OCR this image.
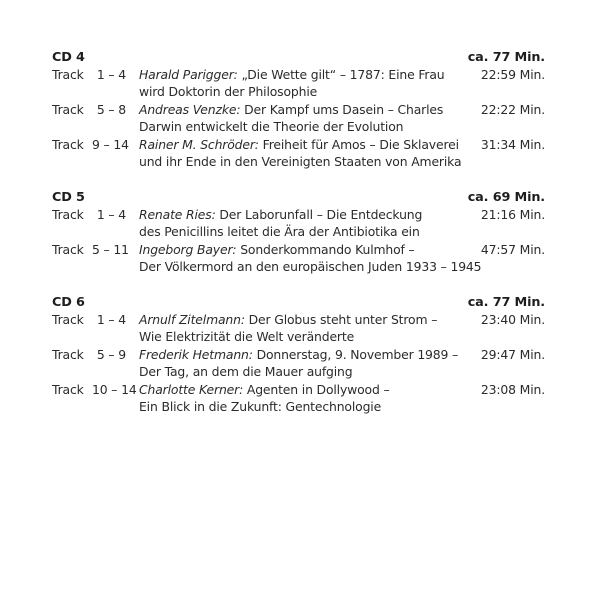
CD 4	ca. 77 Min.
Track	1 – 4 Harald Parigger: „Die Wette gilt“ – 1787: Eine Frau
wird Doktorin der Philosophie
22:59 Min.
Track	5 – 8 Andreas Venzke: Der Kampf ums Dasein – Charles
Darwin entwickelt die Theorie der Evolution
22:22 Min.
Track 9 – 14 Rainer M. Schröder: Freiheit für Amos – Die Sklaverei
und ihr Ende in den Vereinigten Staaten von Amerika
31:34 Min.
CD 5	ca. 69 Min.
Track	1 – 4 Renate Ries: Der Laborunfall – Die Entdeckung
des Penicillins leitet die Ära der Antibiotika ein
21:16 Min.
Track 5 – 11 Ingeborg Bayer: Sonderkommando Kulmhof –
Der Völkermord an den europäischen Juden 1933 – 1945
47:57 Min.
CD 6	ca. 77 Min.
Track	1 – 4 Arnulf Zitelmann: Der Globus steht unter Strom –
Wie Elektrizität die Welt veränderte
23:40 Min.
Track	5 – 9 Frederik Hetmann: Donnerstag, 9. November 1989 –
Der Tag, an dem die Mauer aufging
29:47 Min.
Track 10 – 14 Charlotte Kerner: Agenten in Dollywood –
Ein Blick in die Zukunft: Gentechnologie
23:08 Min.
